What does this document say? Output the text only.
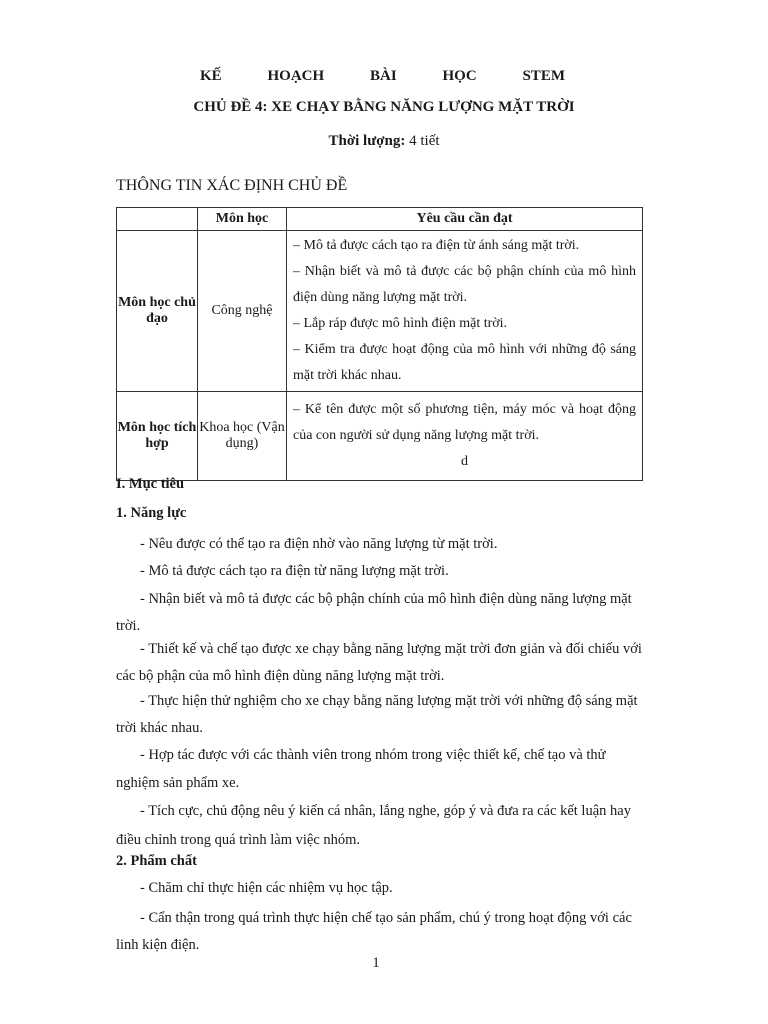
KẾ	HOẠCH	BÀI	HỌC	STEM
CHỦ ĐỀ 4: XE CHẠY BẰNG NĂNG LƯỢNG MẶT TRỜI
Thời lượng: 4 tiết
THÔNG TIN XÁC ĐỊNH CHỦ ĐỀ
	Môn học	Yêu cầu cần đạt
Môn học chủ đạo	Công nghệ	– Mô tả được cách tạo ra điện từ ánh sáng mặt trời.
– Nhận biết và mô tả được các bộ phận chính của mô hình điện dùng năng lượng mặt trời.
– Lắp ráp được mô hình điện mặt trời.
– Kiểm tra được hoạt động của mô hình với những độ sáng mặt trời khác nhau.

Môn học tích hợp	Khoa học (Vận dụng)	– Kể tên được một số phương tiện, máy móc và hoạt động của con người sử dụng năng lượng mặt trời.
d
I. Mục tiêu
1. Năng lực
- Nêu được có thể tạo ra điện nhờ vào năng lượng từ mặt trời.
- Mô tả được cách tạo ra điện từ năng lượng mặt trời.
- Nhận biết và mô tả được các bộ phận chính của mô hình điện dùng năng lượng mặt trời.
- Thiết kế và chế tạo được xe chạy bằng năng lượng mặt trời đơn giản và đối chiếu với các bộ phận của mô hình điện dùng năng lượng mặt trời.
- Thực hiện thử nghiệm cho xe chạy bằng năng lượng mặt trời với những độ sáng mặt trời khác nhau.
- Hợp tác được với các thành viên trong nhóm trong việc thiết kế, chế tạo và thử nghiệm sản phẩm xe.
- Tích cực, chủ động nêu ý kiến cá nhân, lắng nghe, góp ý và đưa ra các kết luận hay điều chỉnh trong quá trình làm việc nhóm.
2. Phẩm chất
- Chăm chỉ thực hiện các nhiệm vụ học tập.
- Cẩn thận trong quá trình thực hiện chế tạo sản phẩm, chú ý trong hoạt động với các linh kiện điện.
1
